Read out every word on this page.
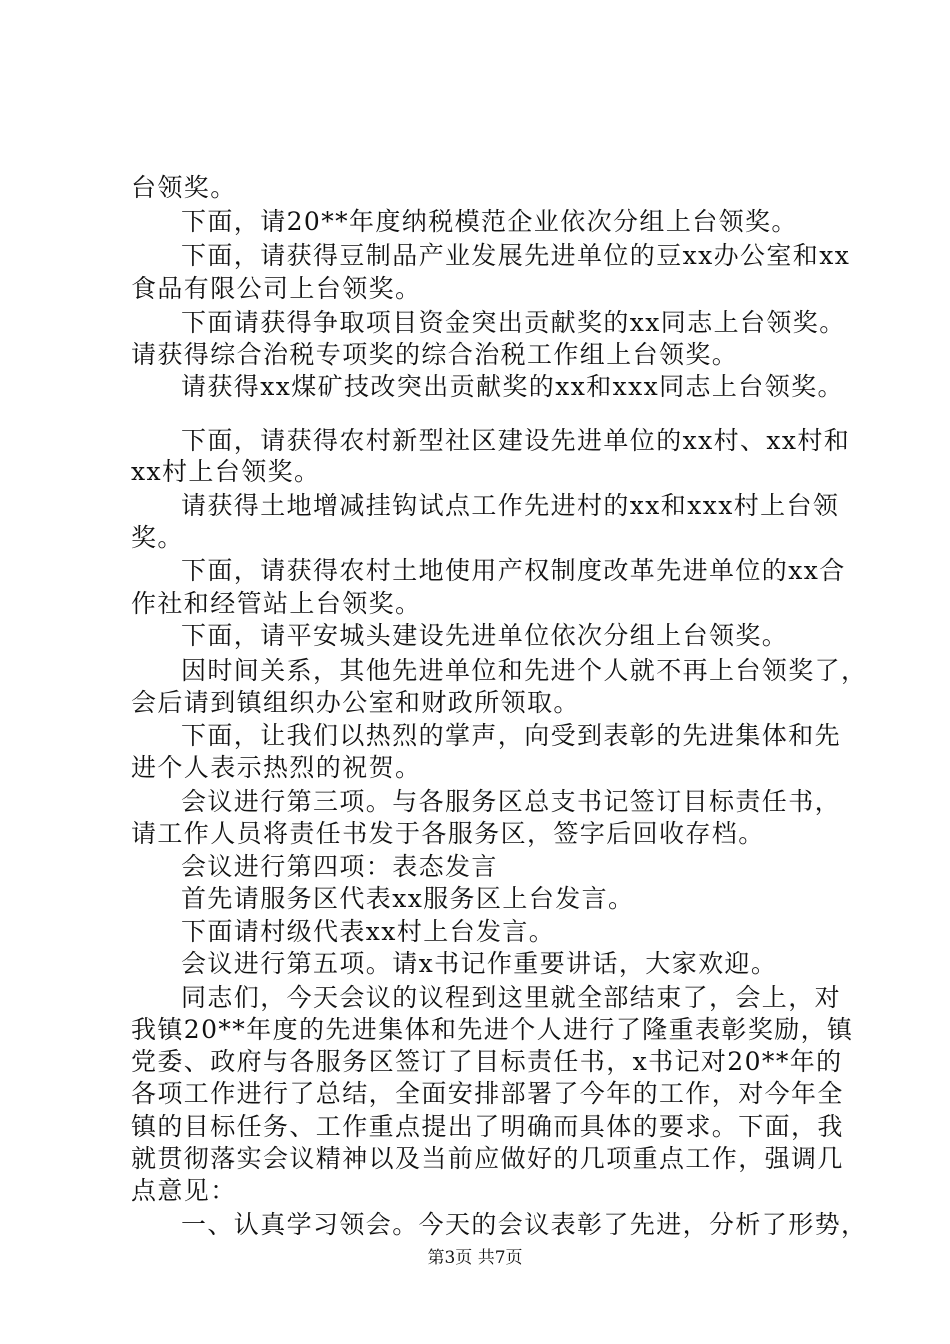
台领奖。
下面，请20**年度纳税模范企业依次分组上台领奖。
下面，请获得豆制品产业发展先进单位的豆xx办公室和xx
食品有限公司上台领奖。
下面请获得争取项目资金突出贡献奖的xx同志上台领奖。
请获得综合治税专项奖的综合治税工作组上台领奖。
请获得xx煤矿技改突出贡献奖的xx和xxx同志上台领奖。
下面，请获得农村新型社区建设先进单位的xx村、xx村和
xx村上台领奖。
请获得土地增减挂钩试点工作先进村的xx和xxx村上台领
奖。
下面，请获得农村土地使用产权制度改革先进单位的xx合
作社和经管站上台领奖。
下面，请平安城头建设先进单位依次分组上台领奖。
因时间关系，其他先进单位和先进个人就不再上台领奖了，
会后请到镇组织办公室和财政所领取。
下面，让我们以热烈的掌声，向受到表彰的先进集体和先
进个人表示热烈的祝贺。
会议进行第三项。与各服务区总支书记签订目标责任书，
请工作人员将责任书发于各服务区，签字后回收存档。
会议进行第四项：表态发言
首先请服务区代表xx服务区上台发言。
下面请村级代表xx村上台发言。
会议进行第五项。请x书记作重要讲话，大家欢迎。
同志们，今天会议的议程到这里就全部结束了，会上，对
我镇20**年度的先进集体和先进个人进行了隆重表彰奖励，镇
党委、政府与各服务区签订了目标责任书，x书记对20**年的
各项工作进行了总结，全面安排部署了今年的工作，对今年全
镇的目标任务、工作重点提出了明确而具体的要求。下面，我
就贯彻落实会议精神以及当前应做好的几项重点工作，强调几
点意见：
一、认真学习领会。今天的会议表彰了先进，分析了形势，
第3页 共7页
